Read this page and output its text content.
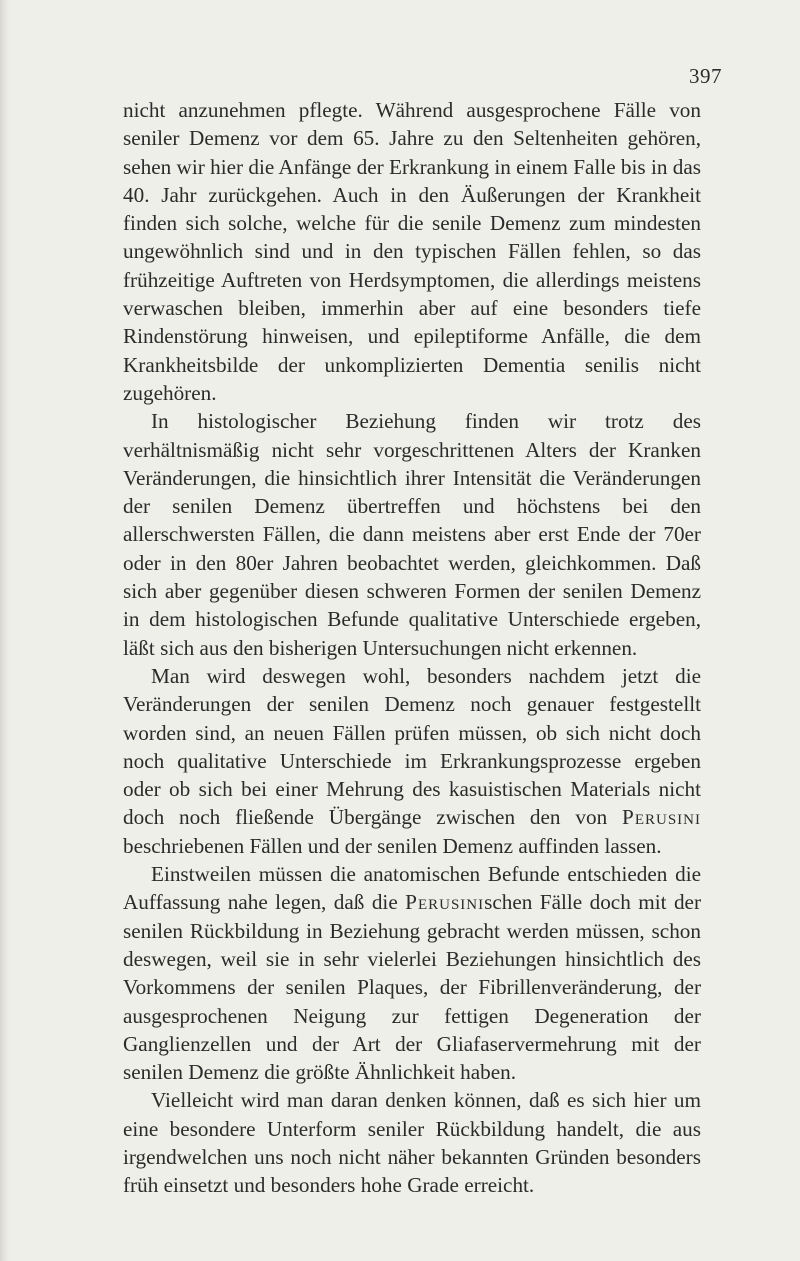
397

nicht anzunehmen pflegte. Während ausgesprochene Fälle von seniler Demenz vor dem 65. Jahre zu den Seltenheiten gehören, sehen wir hier die Anfänge der Erkrankung in einem Falle bis in das 40. Jahr zurückgehen. Auch in den Äußerungen der Krankheit finden sich solche, welche für die senile Demenz zum mindesten ungewöhnlich sind und in den typischen Fällen fehlen, so das frühzeitige Auftreten von Herdsymptomen, die allerdings meistens verwaschen bleiben, immerhin aber auf eine besonders tiefe Rindenstörung hinweisen, und epileptiforme Anfälle, die dem Krankheitsbilde der unkomplizierten Dementia senilis nicht zugehören.

In histologischer Beziehung finden wir trotz des verhältnismäßig nicht sehr vorgeschrittenen Alters der Kranken Veränderungen, die hinsichtlich ihrer Intensität die Veränderungen der senilen Demenz übertreffen und höchstens bei den allerschwersten Fällen, die dann meistens aber erst Ende der 70er oder in den 80er Jahren beobachtet werden, gleichkommen. Daß sich aber gegenüber diesen schweren Formen der senilen Demenz in dem histologischen Befunde qualitative Unterschiede ergeben, läßt sich aus den bisherigen Untersuchungen nicht erkennen.

Man wird deswegen wohl, besonders nachdem jetzt die Veränderungen der senilen Demenz noch genauer festgestellt worden sind, an neuen Fällen prüfen müssen, ob sich nicht doch noch qualitative Unterschiede im Erkrankungsprozesse ergeben oder ob sich bei einer Mehrung des kasuistischen Materials nicht doch noch fließende Übergänge zwischen den von Perusini beschriebenen Fällen und der senilen Demenz auffinden lassen.

Einstweilen müssen die anatomischen Befunde entschieden die Auffassung nahe legen, daß die Perusinischen Fälle doch mit der senilen Rückbildung in Beziehung gebracht werden müssen, schon deswegen, weil sie in sehr vielerlei Beziehungen hinsichtlich des Vorkommens der senilen Plaques, der Fibrillenveränderung, der ausgesprochenen Neigung zur fettigen Degeneration der Ganglienzellen und der Art der Gliafaservermehrung mit der senilen Demenz die größte Ähnlichkeit haben.

Vielleicht wird man daran denken können, daß es sich hier um eine besondere Unterform seniler Rückbildung handelt, die aus irgendwelchen uns noch nicht näher bekannten Gründen besonders früh einsetzt und besonders hohe Grade erreicht.
